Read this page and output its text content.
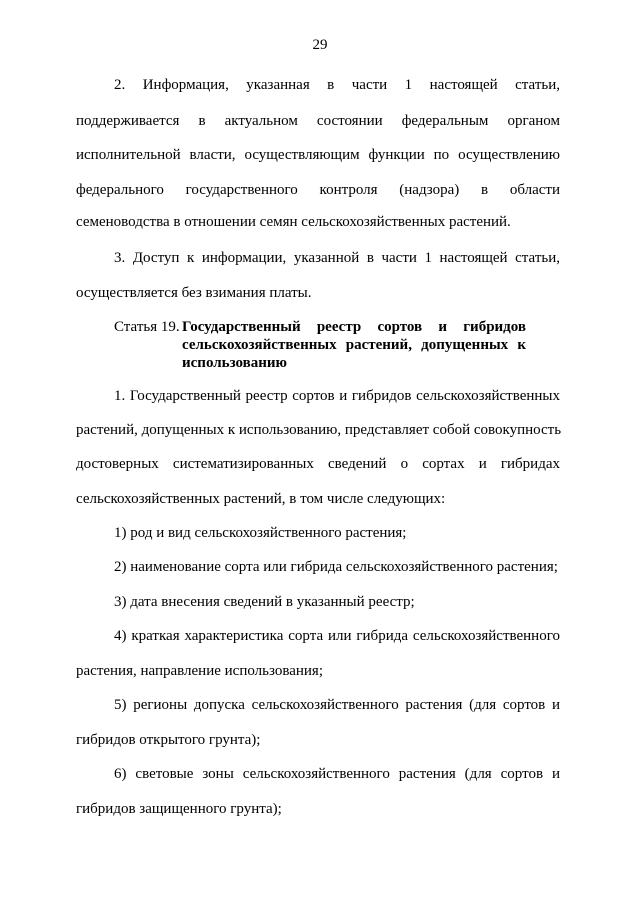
29
2. Информация, указанная в части 1 настоящей статьи,
поддерживается в актуальном состоянии федеральным органом
исполнительной власти, осуществляющим функции по осуществлению
федерального государственного контроля (надзора) в области
семеноводства в отношении семян сельскохозяйственных растений.
3. Доступ к информации, указанной в части 1 настоящей статьи,
осуществляется без взимания платы.
Статья 19. Государственный реестр сортов и гибридов
сельскохозяйственных растений, допущенных к
использованию
1. Государственный реестр сортов и гибридов сельскохозяйственных
растений, допущенных к использованию, представляет собой совокупность
достоверных систематизированных сведений о сортах и гибридах
сельскохозяйственных растений, в том числе следующих:
1) род и вид сельскохозяйственного растения;
2) наименование сорта или гибрида сельскохозяйственного растения;
3) дата внесения сведений в указанный реестр;
4) краткая характеристика сорта или гибрида сельскохозяйственного
растения, направление использования;
5) регионы допуска сельскохозяйственного растения (для сортов и
гибридов открытого грунта);
6) световые зоны сельскохозяйственного растения (для сортов и
гибридов защищенного грунта);
